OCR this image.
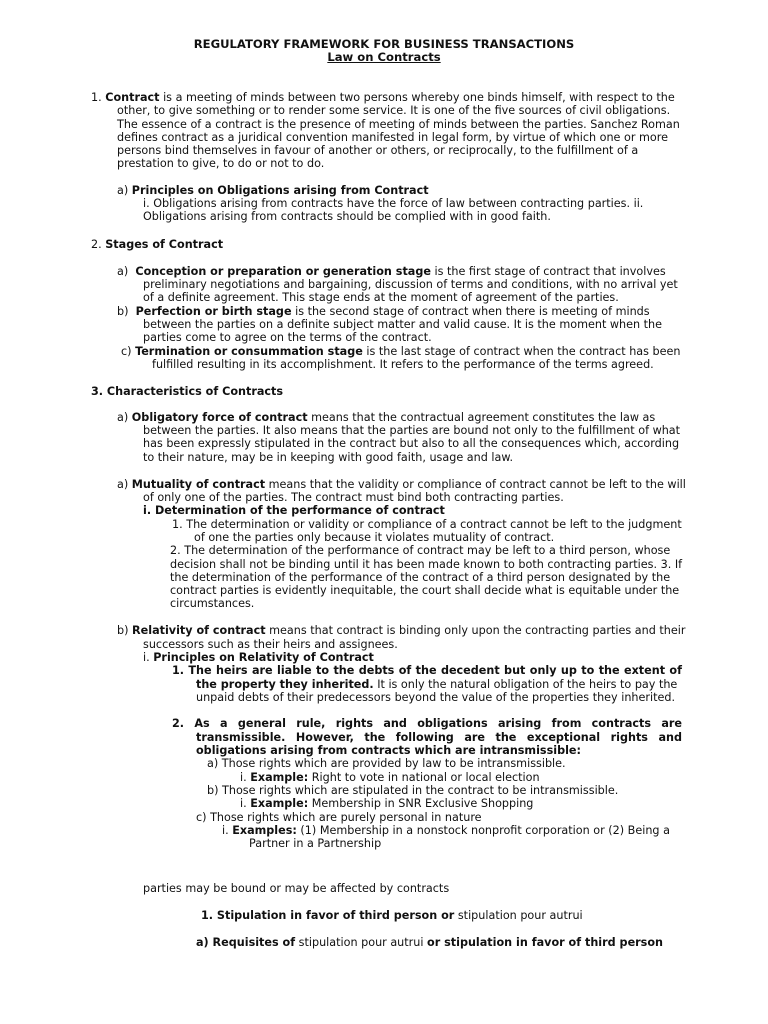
REGULATORY FRAMEWORK FOR BUSINESS TRANSACTIONS
Law on Contracts
1. Contract is a meeting of minds between two persons whereby one binds himself, with respect to the
other, to give something or to render some service. It is one of the five sources of civil obligations.
The essence of a contract is the presence of meeting of minds between the parties. Sanchez Roman
defines contract as a juridical convention manifested in legal form, by virtue of which one or more
persons bind themselves in favour of another or others, or reciprocally, to the fulfillment of a
prestation to give, to do or not to do.
a) Principles on Obligations arising from Contract
i. Obligations arising from contracts have the force of law between contracting parties. ii.
Obligations arising from contracts should be complied with in good faith.
2. Stages of Contract
a) Conception or preparation or generation stage is the first stage of contract that involves
preliminary negotiations and bargaining, discussion of terms and conditions, with no arrival yet
of a definite agreement. This stage ends at the moment of agreement of the parties.
b) Perfection or birth stage is the second stage of contract when there is meeting of minds
between the parties on a definite subject matter and valid cause. It is the moment when the
parties come to agree on the terms of the contract.
c) Termination or consummation stage is the last stage of contract when the contract has been
fulfilled resulting in its accomplishment. It refers to the performance of the terms agreed.
3. Characteristics of Contracts
a) Obligatory force of contract means that the contractual agreement constitutes the law as
between the parties. It also means that the parties are bound not only to the fulfillment of what
has been expressly stipulated in the contract but also to all the consequences which, according
to their nature, may be in keeping with good faith, usage and law.
a) Mutuality of contract means that the validity or compliance of contract cannot be left to the will
of only one of the parties. The contract must bind both contracting parties.
i. Determination of the performance of contract
1. The determination or validity or compliance of a contract cannot be left to the judgment
of one the parties only because it violates mutuality of contract.
2. The determination of the performance of contract may be left to a third person, whose
decision shall not be binding until it has been made known to both contracting parties. 3. If
the determination of the performance of the contract of a third person designated by the
contract parties is evidently inequitable, the court shall decide what is equitable under the
circumstances.
b) Relativity of contract means that contract is binding only upon the contracting parties and their
successors such as their heirs and assignees.
i. Principles on Relativity of Contract
1. The heirs are liable to the debts of the decedent but only up to the extent of
the property they inherited. It is only the natural obligation of the heirs to pay the
unpaid debts of their predecessors beyond the value of the properties they inherited.
2. As a general rule, rights and obligations arising from contracts are
transmissible. However, the following are the exceptional rights and
obligations arising from contracts which are intransmissible:
a) Those rights which are provided by law to be intransmissible.
i. Example: Right to vote in national or local election
b) Those rights which are stipulated in the contract to be intransmissible.
i. Example: Membership in SNR Exclusive Shopping
c) Those rights which are purely personal in nature
i. Examples: (1) Membership in a nonstock nonprofit corporation or (2) Being a
Partner in a Partnership
parties may be bound or may be affected by contracts
1. Stipulation in favor of third person or stipulation pour autrui
a) Requisites of stipulation pour autrui or stipulation in favor of third person
